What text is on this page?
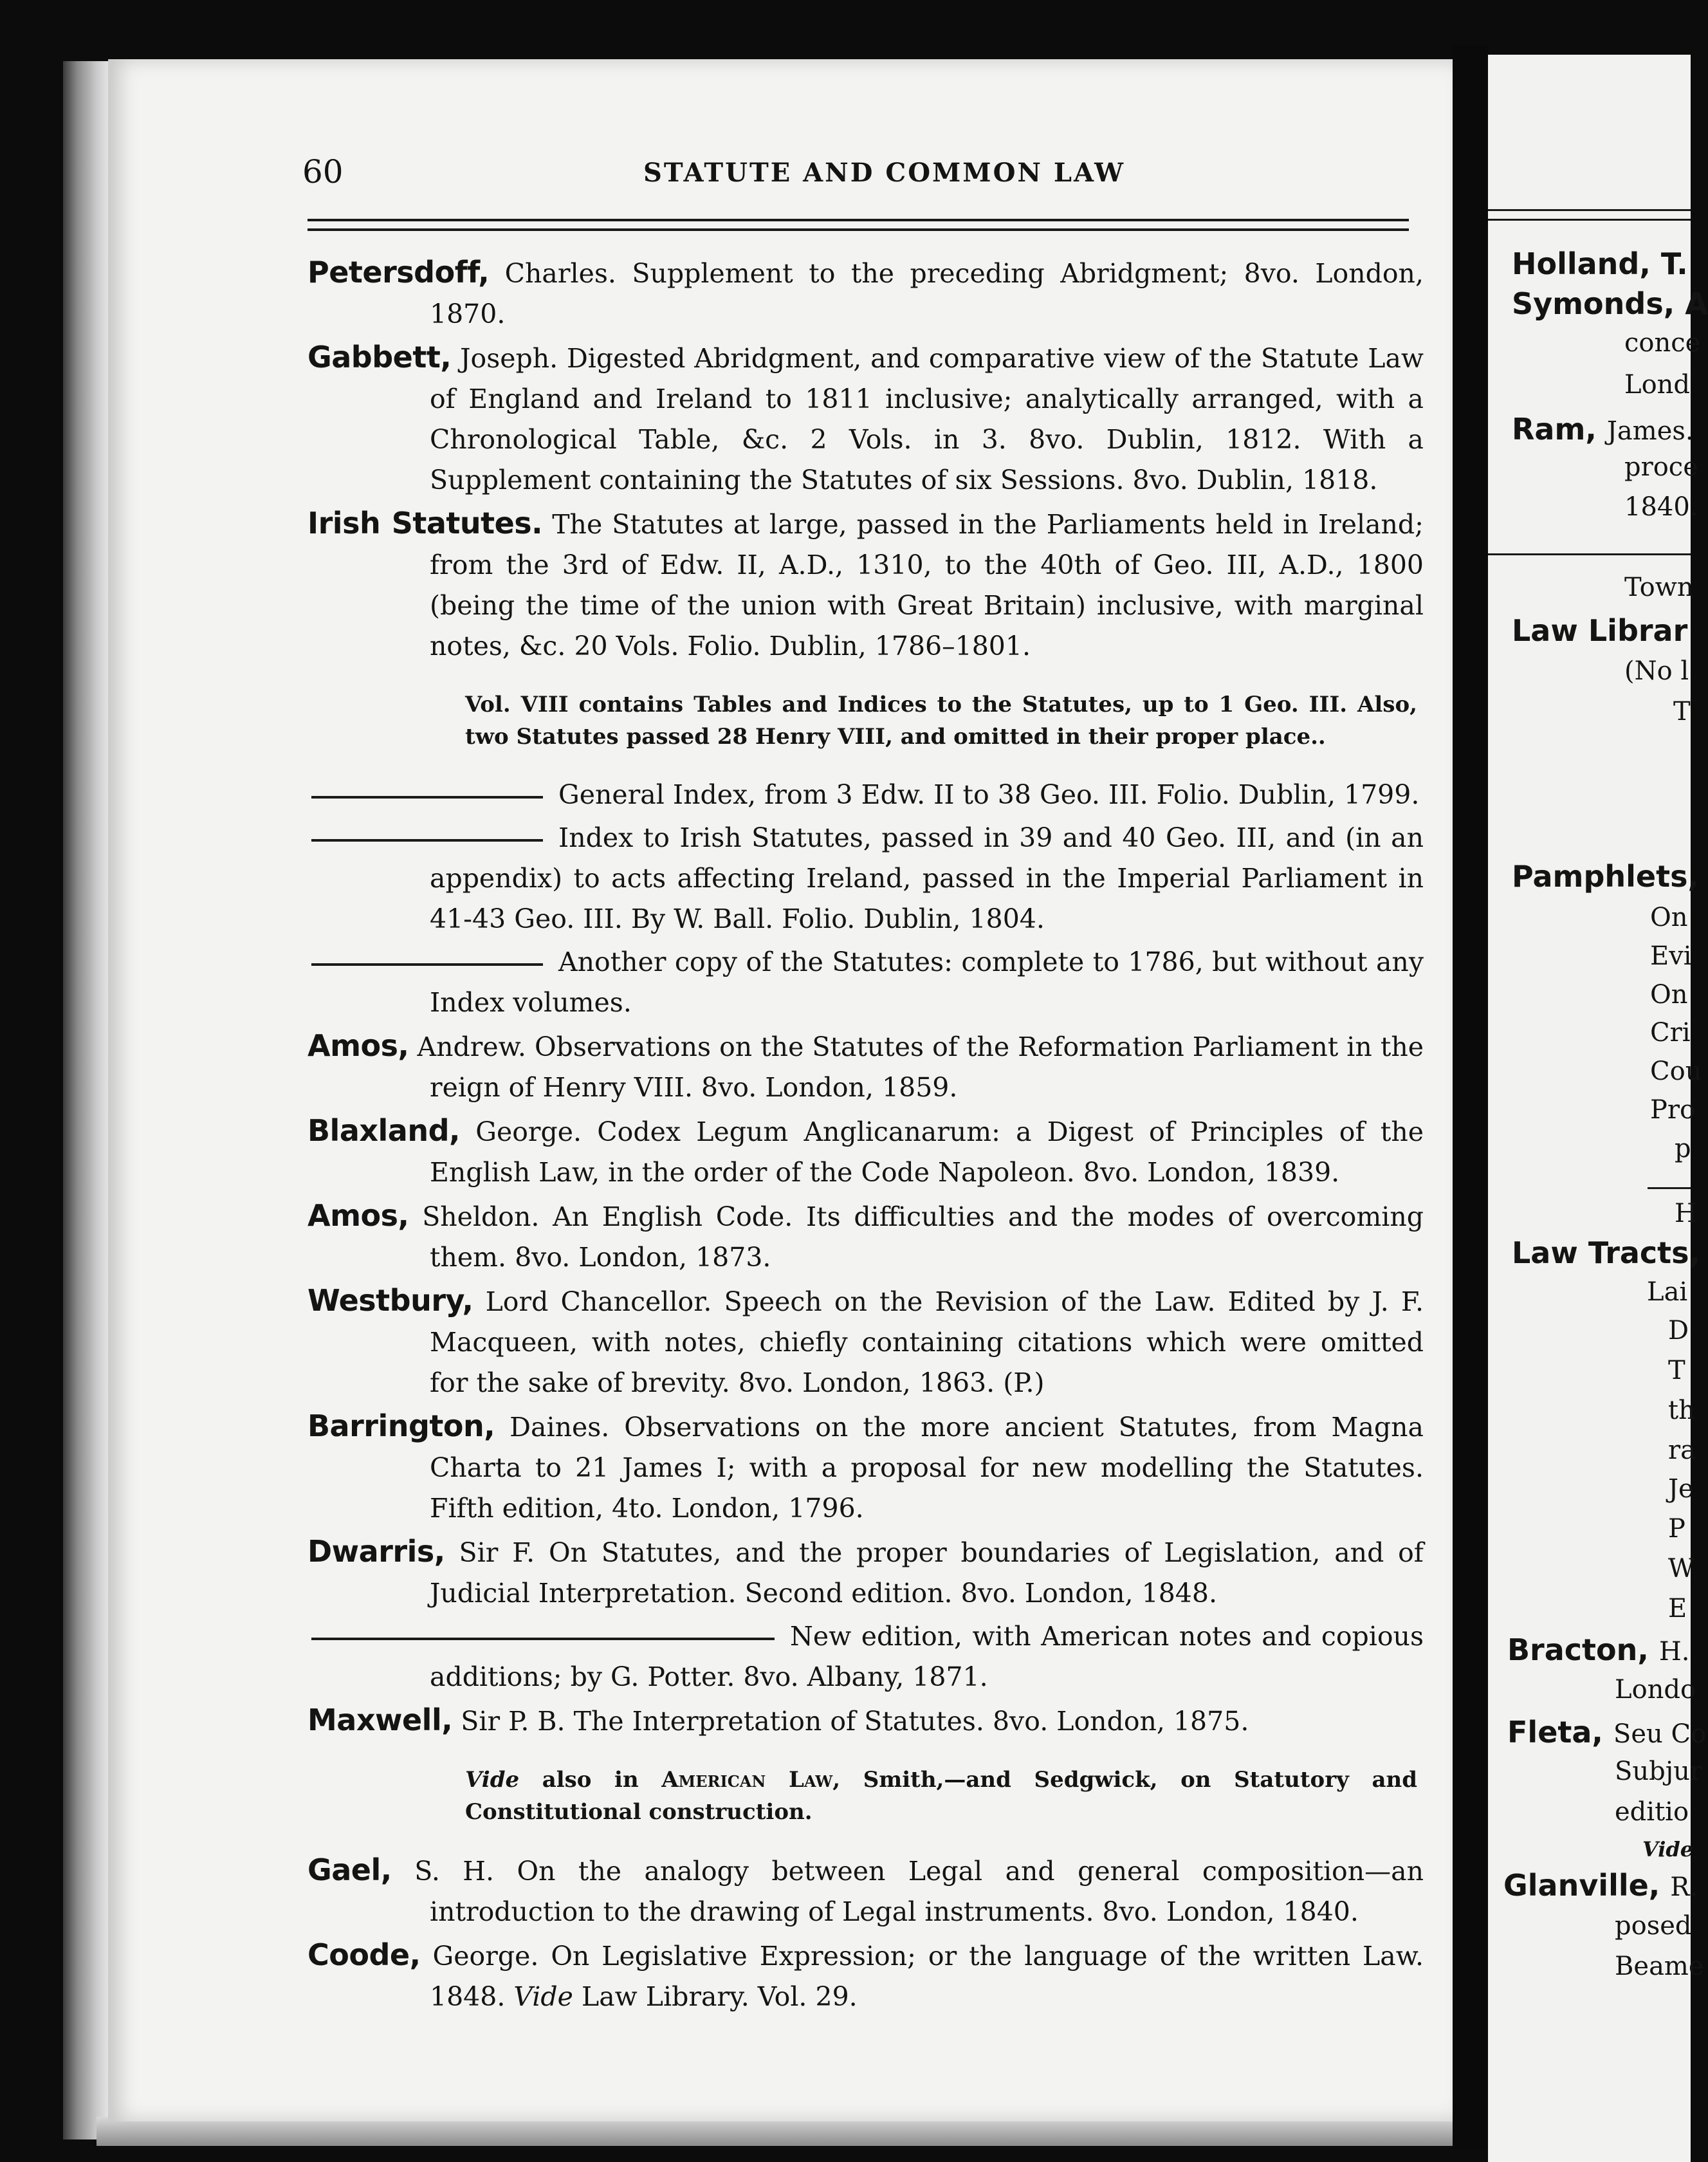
60	STATUTE AND COMMON LAW

Petersdoff, Charles. Supplement to the preceding Abridgment; 8vo. London, 1870.

Gabbett, Joseph. Digested Abridgment, and comparative view of the Statute Law of England and Ireland to 1811 inclusive; analytically arranged, with a Chronological Table, &c. 2 Vols. in 3. 8vo. Dublin, 1812. With a Supplement containing the Statutes of six Sessions. 8vo. Dublin, 1818.

Irish Statutes. The Statutes at large, passed in the Parliaments held in Ireland; from the 3rd of Edw. II, A.D., 1310, to the 40th of Geo. III, A.D., 1800 (being the time of the union with Great Britain) inclusive, with marginal notes, &c. 20 Vols. Folio. Dublin, 1786–1801.

Vol. VIII contains Tables and Indices to the Statutes, up to 1 Geo. III. Also, two Statutes passed 28 Henry VIII, and omitted in their proper place..

General Index, from 3 Edw. II to 38 Geo. III. Folio. Dublin, 1799.

Index to Irish Statutes, passed in 39 and 40 Geo. III, and (in an appendix) to acts affecting Ireland, passed in the Imperial Parliament in 41-43 Geo. III. By W. Ball. Folio. Dublin, 1804.

Another copy of the Statutes: complete to 1786, but without any Index volumes.

Amos, Andrew. Observations on the Statutes of the Reformation Parliament in the reign of Henry VIII. 8vo. London, 1859.

Blaxland, George. Codex Legum Anglicanarum: a Digest of Principles of the English Law, in the order of the Code Napoleon. 8vo. London, 1839.

Amos, Sheldon. An English Code. Its difficulties and the modes of overcoming them. 8vo. London, 1873.

Westbury, Lord Chancellor. Speech on the Revision of the Law. Edited by J. F. Macqueen, with notes, chiefly containing citations which were omitted for the sake of brevity. 8vo. London, 1863. (P.)

Barrington, Daines. Observations on the more ancient Statutes, from Magna Charta to 21 James I; with a proposal for new modelling the Statutes. Fifth edition, 4to. London, 1796.

Dwarris, Sir F. On Statutes, and the proper boundaries of Legislation, and of Judicial Interpretation. Second edition. 8vo. London, 1848.

New edition, with American notes and copious additions; by G. Potter. 8vo. Albany, 1871.

Maxwell, Sir P. B. The Interpretation of Statutes. 8vo. London, 1875.

Vide also in American Law, Smith,—and Sedgwick, on Statutory and Constitutional construction.

Gael, S. H. On the analogy between Legal and general composition—an introduction to the drawing of Legal instruments. 8vo. London, 1840.

Coode, George. On Legislative Expression; or the language of the written Law. 1848. Vide Law Library. Vol. 29.

Holland, T.
Symonds, A
conce
Lond
Ram, James.
proce
1840.
Town
Law Librar
(No l
T
Pamphlets,
On
Evi
On
Cri
Cou
Pro
p
H
Law Tracts,
Lai
D
T
th
ra
Je
P
W
E
Bracton, H.
Londo
Fleta, Seu Co
Subjur
editio
Vide
Glanville, R.
posed
Beame
